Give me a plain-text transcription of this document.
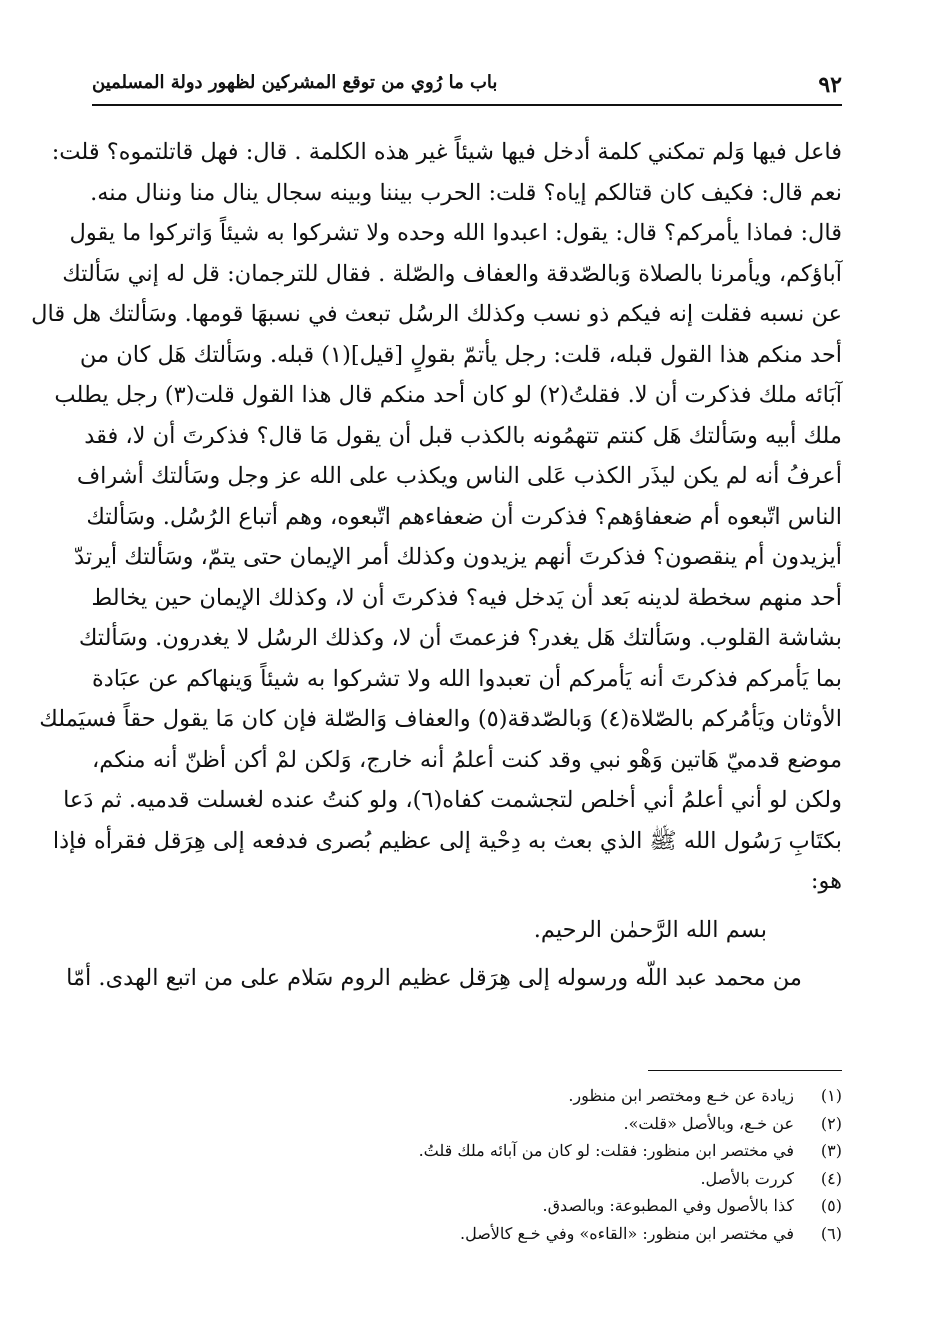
٩٢
باب ما رُوي من توقع المشركين لظهور دولة المسلمين
فاعل فيها وَلم تمكني كلمة أدخل فيها شيئاً غير هذه الكلمة . قال: فهل قاتلتموه؟ قلت:
نعم قال: فكيف كان قتالكم إياه؟ قلت: الحرب بيننا وبينه سجال ينال منا وننال منه.
قال: فماذا يأمركم؟ قال: يقول: اعبدوا الله وحده ولا تشركوا به شيئاً وَاتركوا ما يقول
آباؤكم، ويأمرنا بالصلاة وَبالصّدقة والعفاف والصّلة . فقال للترجمان: قل له إني سَألتك
عن نسبه فقلت إنه فيكم ذو نسب وكذلك الرسُل تبعث في نسبهَا قومها. وسَألتك هل قال
أحد منكم هذا القول قبله، قلت: رجل يأتمّ بقولٍ [قيل](١) قبله. وسَألتك هَل كان من
آبَائه ملك فذكرت أن لا. فقلتُ(٢) لو كان أحد منكم قال هذا القول قلت(٣) رجل يطلب
ملك أبيه وسَألتك هَل كنتم تتهمُونه بالكذب قبل أن يقول مَا قال؟ فذكرتَ أن لا، فقد
أعرفُ أنه لم يكن ليذَر الكذب عَلى الناس ويكذب على الله عز وجل وسَألتك أشراف
الناس اتّبعوه أم ضعفاؤهم؟ فذكرت أن ضعفاءهم اتّبعوه، وهم أتباع الرُسُل. وسَألتك
أيزيدون أم ينقصون؟ فذكرتَ أنهم يزيدون وكذلك أمر الإيمان حتى يتمّ، وسَألتك أيرتدّ
أحد منهم سخطة لدينه بَعد أن يَدخل فيه؟ فذكرتَ أن لا، وكذلك الإيمان حين يخالط
بشاشة القلوب. وسَألتك هَل يغدر؟ فزعمتَ أن لا، وكذلك الرسُل لا يغدرون. وسَألتك
بما يَأمركم فذكرتَ أنه يَأمركم أن تعبدوا الله ولا تشركوا به شيئاً وَينهاكم عن عبَادة
الأوثان ويَأمُركم بالصّلاة(٤) وَبالصّدقة(٥) والعفاف وَالصّلة فإن كان مَا يقول حقاً فسيَملك
موضع قدميّ هَاتين وَهْو نبي وقد كنت أعلمُ أنه خارج، وَلكن لمْ أكن أظنّ أنه منكم،
ولكن لو أني أعلمُ أني أخلص لتجشمت كفاه(٦)، ولو كنتُ عنده لغسلت قدميه. ثم دَعا
بكتَابِ رَسُول الله ﷺ الذي بعث به دِحْية إلى عظيم بُصرى فدفعه إلى هِرَقل فقرأه فإذا
هو:
بسم الله الرَّحمٰن الرحيم.
من محمد عبد اللّه ورسوله إلى هِرَقل عظيم الروم سَلام على من اتبع الهدى. أمّا
(١)
زيادة عن خـع ومختصر ابن منظور.
(٢)
عن خـع، وبالأصل «قلت».
(٣)
في مختصر ابن منظور: فقلت: لو كان من آبائه ملك قلتُ.
(٤)
كررت بالأصل.
(٥)
كذا بالأصول وفي المطبوعة: وبالصدق.
(٦)
في مختصر ابن منظور: «القاءه» وفي خـع كالأصل.
